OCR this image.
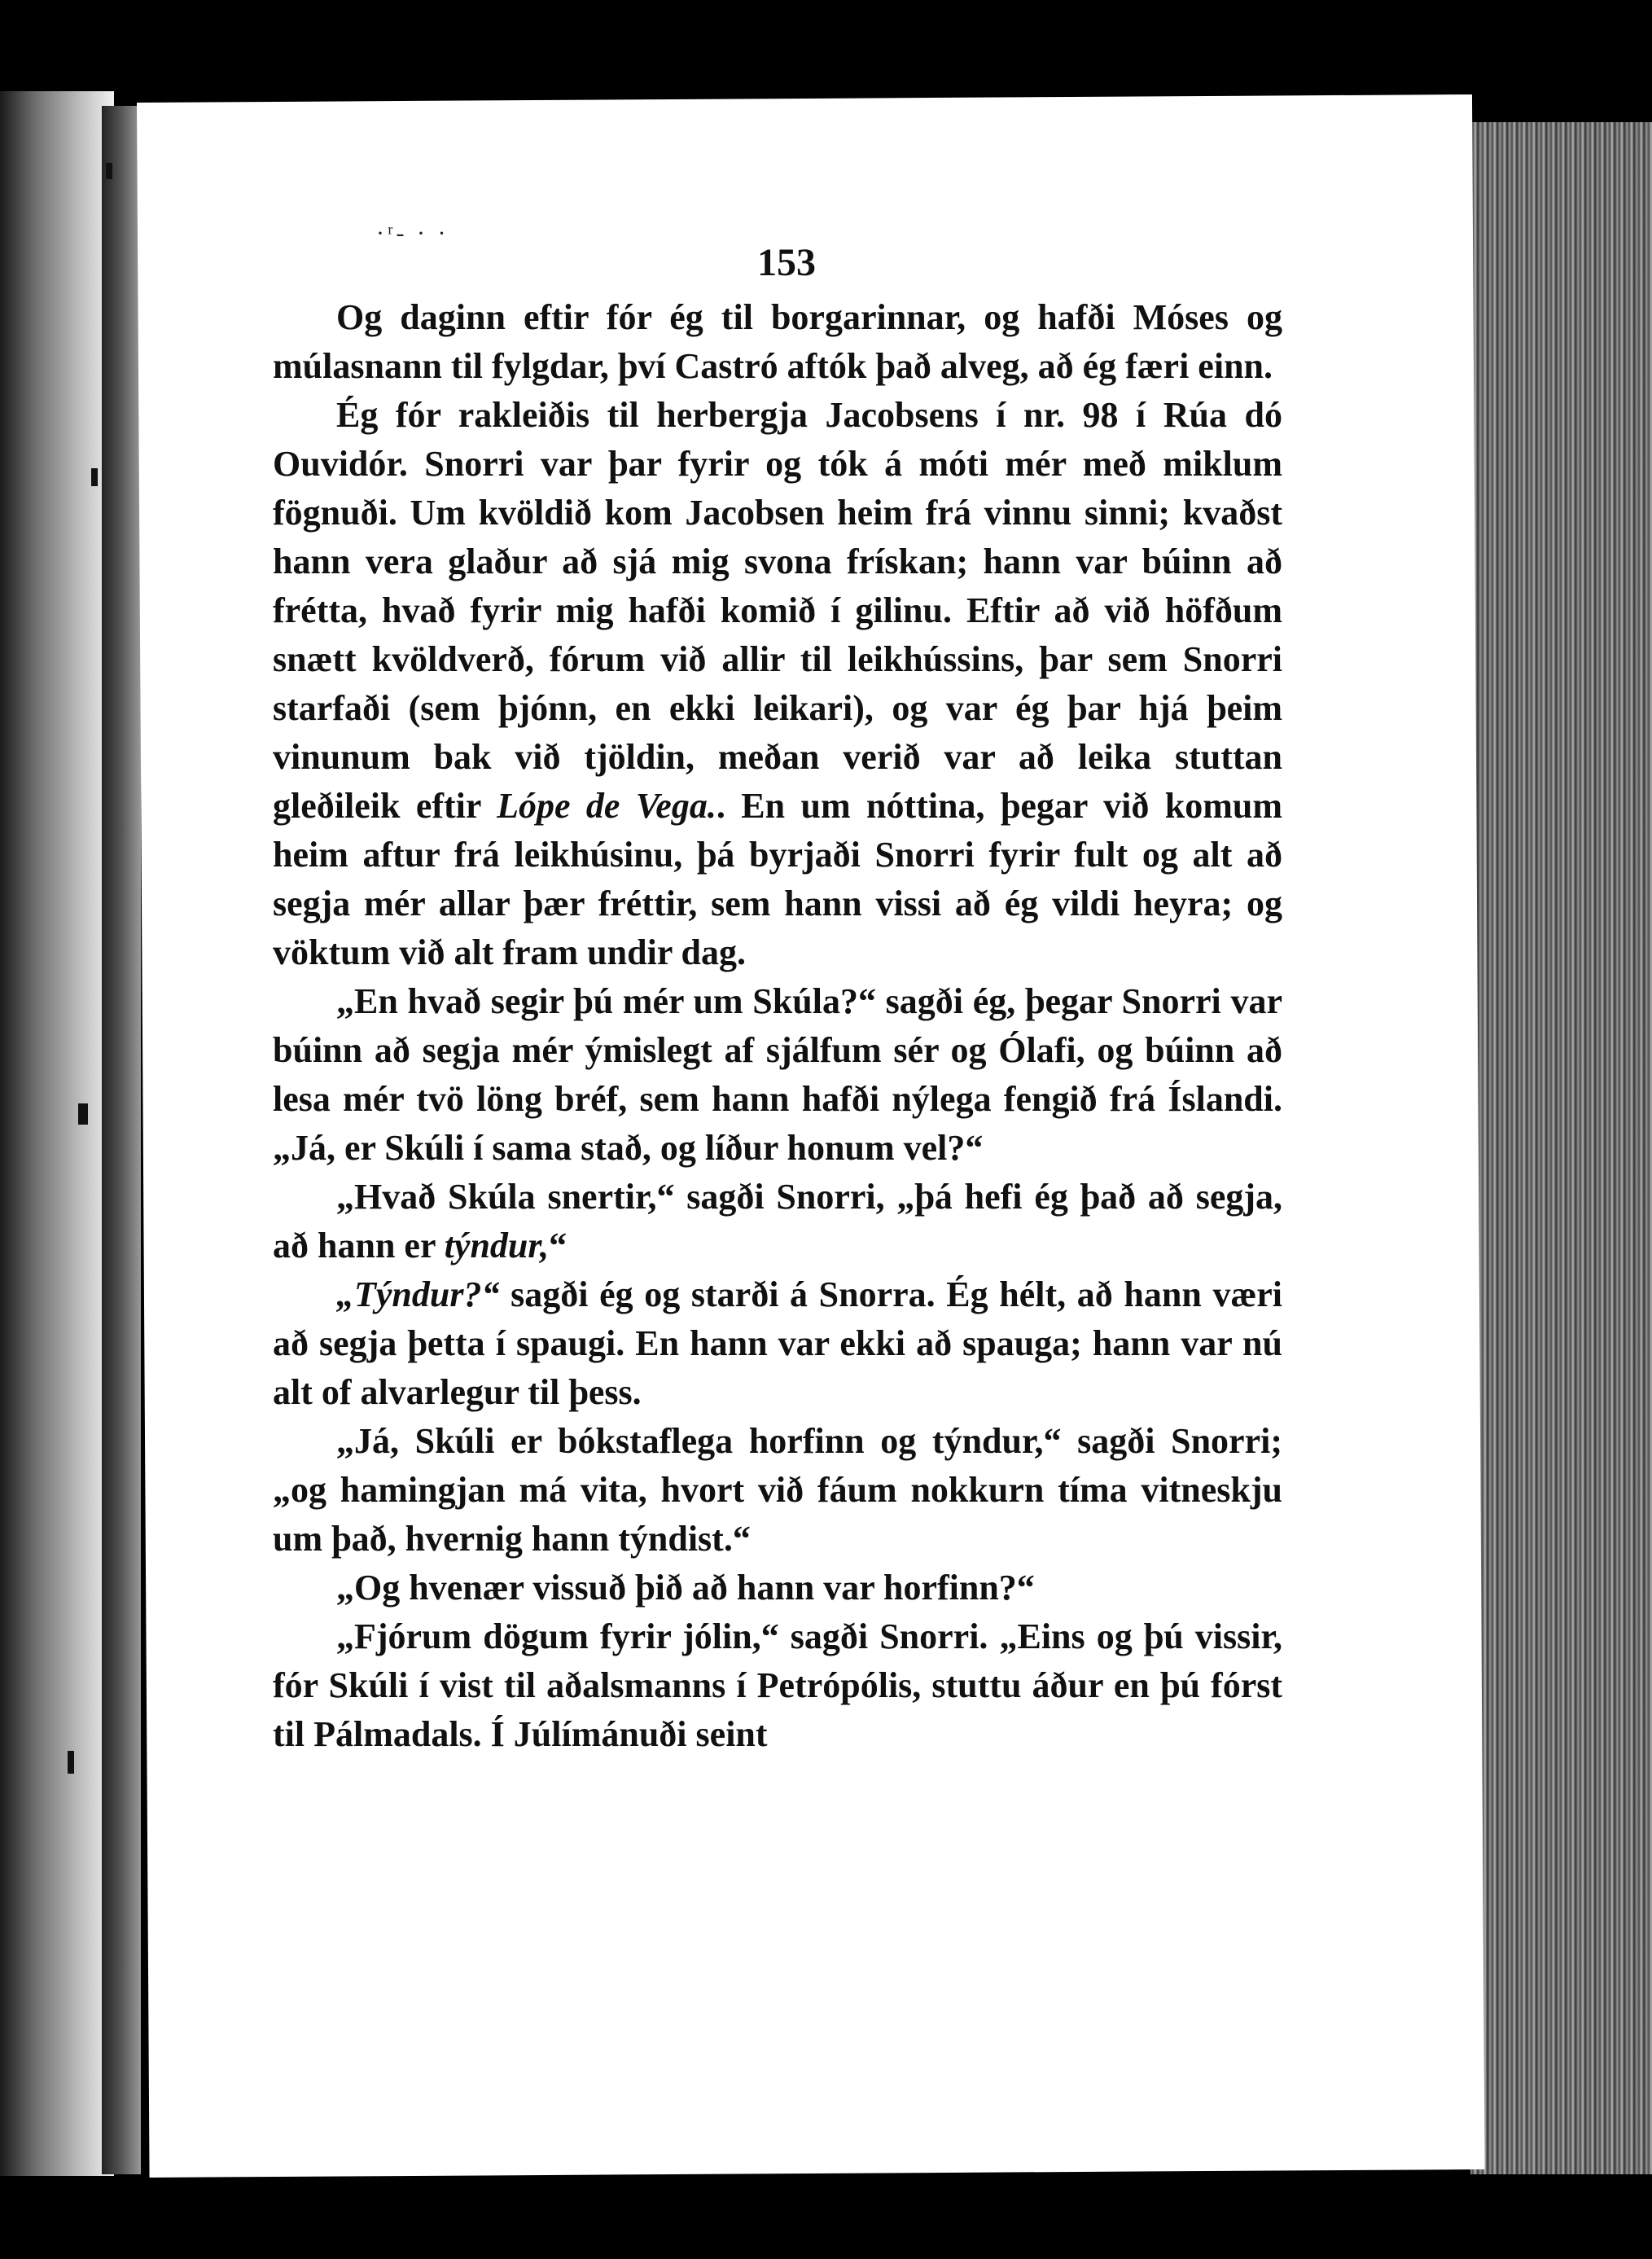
·ʳ- · ·
153

Og daginn eftir fór ég til borgarinnar, og hafði Móses og múlasnann til fylgdar, því Castró aftók það alveg, að ég færi einn.

Ég fór rakleiðis til herbergja Jacobsens í nr. 98 í Rúa dó Ouvidór. Snorri var þar fyrir og tók á móti mér með miklum fögnuði. Um kvöldið kom Jacobsen heim frá vinnu sinni; kvaðst hann vera glaður að sjá mig svona frískan; hann var búinn að frétta, hvað fyrir mig hafði komið í gilinu. Eftir að við höfðum snætt kvöldverð, fórum við allir til leikhússins, þar sem Snorri starfaði (sem þjónn, en ekki leikari), og var ég þar hjá þeim vinunum bak við tjöldin, meðan verið var að leika stuttan gleðileik eftir Lópe de Vega.. En um nóttina, þegar við komum heim aftur frá leikhúsinu, þá byrjaði Snorri fyrir fult og alt að segja mér allar þær fréttir, sem hann vissi að ég vildi heyra; og vöktum við alt fram undir dag.

„En hvað segir þú mér um Skúla?“ sagði ég, þegar Snorri var búinn að segja mér ýmislegt af sjálfum sér og Ólafi, og búinn að lesa mér tvö löng bréf, sem hann hafði nýlega fengið frá Íslandi. „Já, er Skúli í sama stað, og líður honum vel?“

„Hvað Skúla snertir,“ sagði Snorri, „þá hefi ég það að segja, að hann er týndur,“

„Týndur?“ sagði ég og starði á Snorra. Ég hélt, að hann væri að segja þetta í spaugi. En hann var ekki að spauga; hann var nú alt of alvarlegur til þess.

„Já, Skúli er bókstaflega horfinn og týndur,“ sagði Snorri; „og hamingjan má vita, hvort við fáum nokkurn tíma vitneskju um það, hvernig hann týndist.“

„Og hvenær vissuð þið að hann var horfinn?“

„Fjórum dögum fyrir jólin,“ sagði Snorri. „Eins og þú vissir, fór Skúli í vist til aðalsmanns í Petrópólis, stuttu áður en þú fórst til Pálmadals. Í Júlímánuði seint
